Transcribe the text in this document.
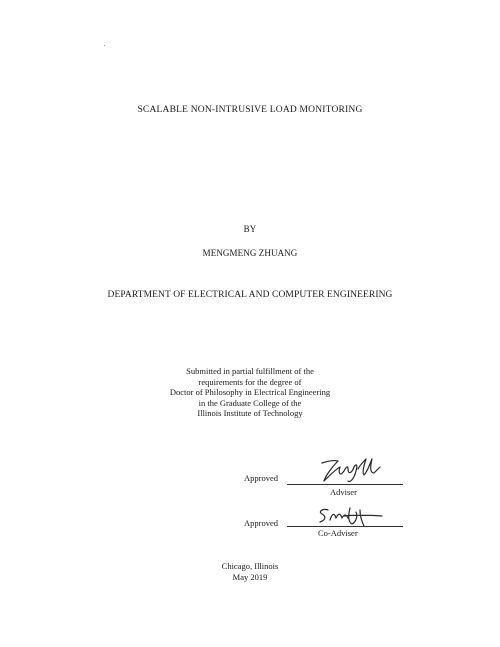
SCALABLE NON-INTRUSIVE LOAD MONITORING
BY
MENGMENG ZHUANG
DEPARTMENT OF ELECTRICAL AND COMPUTER ENGINEERING
Submitted in partial fulfillment of the
requirements for the degree of
Doctor of Philosophy in Electrical Engineering
in the Graduate College of the
Illinois Institute of Technology
Approved
Adviser
Approved
Co-Adviser
Chicago, Illinois
May 2019
